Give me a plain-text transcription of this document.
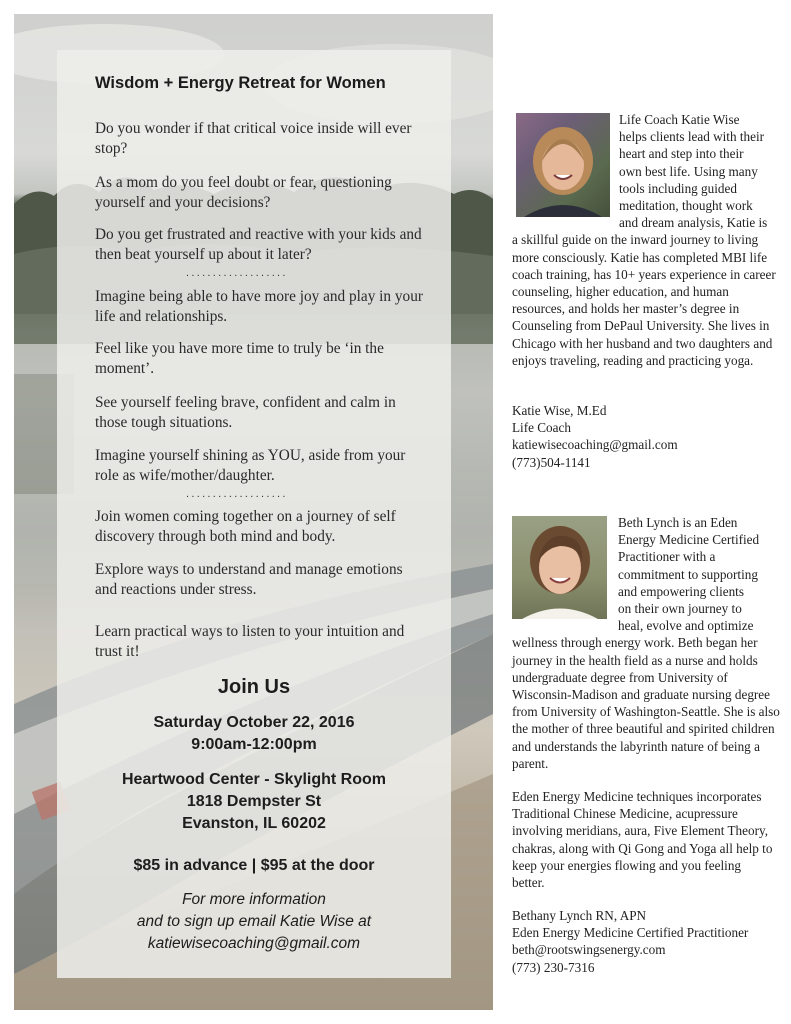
Wisdom + Energy Retreat for Women
Do you wonder if that critical voice inside will ever stop?
As a mom do you feel doubt or fear, questioning yourself and your decisions?
Do you get frustrated and reactive with your kids and then beat yourself up about it later?
...................
Imagine being able to have more joy and play in your life and relationships.
Feel like you have more time to truly be ‘in the moment’.
See yourself feeling brave, confident and calm in those tough situations.
Imagine yourself shining as YOU, aside from your role as wife/mother/daughter.
...................
Join women coming together on a journey of self discovery through both mind and body.
Explore ways to understand and manage emotions and reactions under stress.
Learn practical ways to listen to your intuition and trust it!
Join Us
Saturday October 22, 2016
9:00am-12:00pm
Heartwood Center - Skylight Room
1818 Dempster St
Evanston, IL 60202
$85 in advance | $95 at the door
For more information
and to sign up email Katie Wise at
katiewisecoaching@gmail.com

Life Coach Katie Wise

helps clients lead with their

heart and step into their

own best life. Using many

tools including guided

meditation, thought work

and dream analysis, Katie is

a skillful guide on the inward journey to living more consciously. Katie has completed MBI life coach training, has 10+ years experience in career counseling, higher education, and human resources, and holds her master’s degree in Counseling from DePaul University. She lives in Chicago with her husband and two daughters and enjoys traveling, reading and practicing yoga.

Katie Wise, M.Ed
Life Coach
katiewisecoaching@gmail.com
(773)504-1141

Beth Lynch is an Eden

Energy Medicine Certified

Practitioner with a

commitment to supporting

and empowering clients

on their own journey to

heal, evolve and optimize

wellness through energy work. Beth began her journey in the health field as a nurse and holds undergraduate degree from University of Wisconsin-Madison and graduate nursing degree from University of Washington-Seattle. She is also the mother of three beautiful and spirited children and understands the labyrinth nature of being a parent.

Eden Energy Medicine techniques incorporates Traditional Chinese Medicine, acupressure involving meridians, aura, Five Element Theory, chakras, along with Qi Gong and Yoga all help to keep your energies flowing and you feeling better.

Bethany Lynch RN, APN
Eden Energy Medicine Certified Practitioner
beth@rootswingsenergy.com
(773) 230-7316
